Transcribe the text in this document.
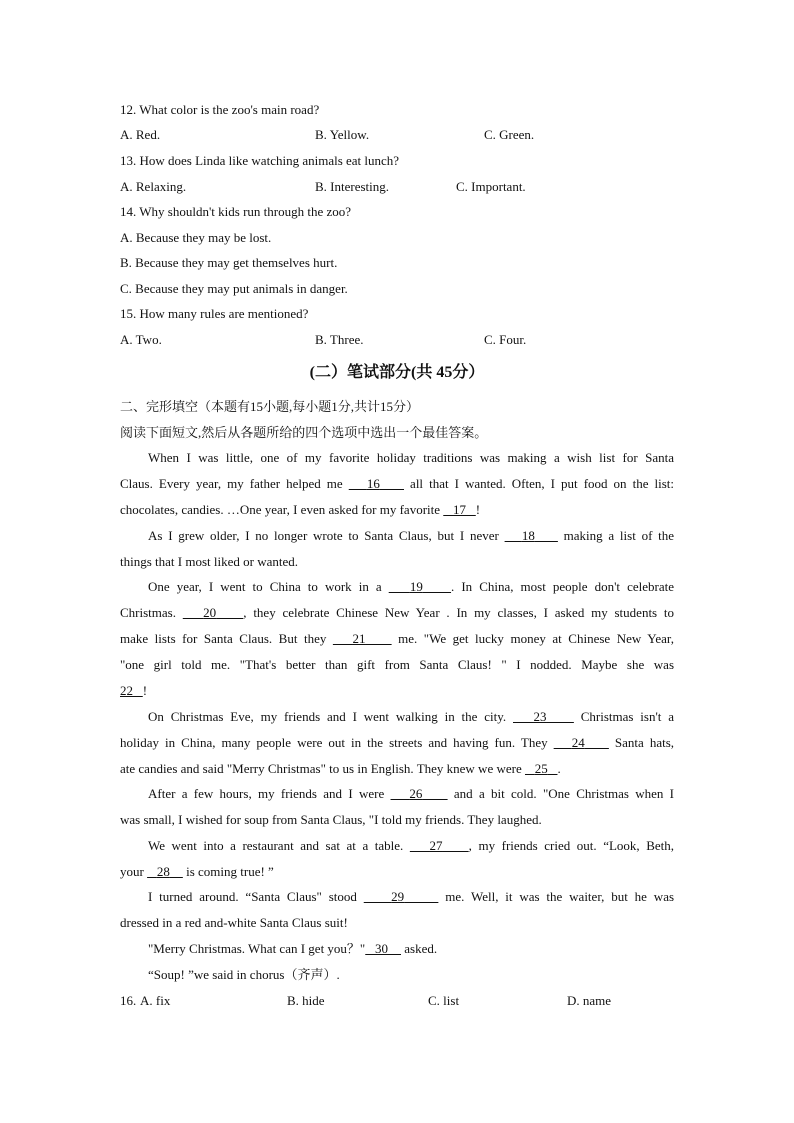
12. What color is the zoo's main road?
A. Red.	B. Yellow.	C. Green.
13. How does Linda like watching animals eat lunch?
A. Relaxing.	B. Interesting.	C. Important.
14. Why shouldn't kids run through the zoo?
A. Because they may be lost.
B. Because they may get themselves hurt.
C. Because they may put animals in danger.
15. How many rules are mentioned?
A. Two.	B. Three.	C. Four.
(二）笔试部分(共 45分）
二、完形填空（本题有15小题,每小题1分,共计15分）
阅读下面短文,然后从各题所给的四个选项中选出一个最佳答案。
When I was little, one of my favorite holiday traditions was making a wish list for Santa
Claus. Every year, my father helped me 16 all that I wanted. Often, I put food on the list:
chocolates, candies. …One year, I even asked for my favorite 17 !
As I grew older, I no longer wrote to Santa Claus, but I never 18 making a list of the
things that I most liked or wanted.
One year, I went to China to work in a 19 . In China, most people don't celebrate
Christmas. 20 , they celebrate Chinese New Year . In my classes, I asked my students to
make lists for Santa Claus. But they 21	me. "We get lucky money at Chinese New Year,
"one girl told me. "That's better than gift from Santa Claus! " I nodded. Maybe she was
22 !
On Christmas Eve, my friends and I went walking in the city. 23	Christmas isn't a
holiday in China, many people were out in the streets and having fun. They 24 Santa hats,
ate candies and said "Merry Christmas" to us in English. They knew we were 25 .
After a few hours, my friends and I were 26 and a bit cold. "One Christmas when I
was small, I wished for soup from Santa Claus, "I told my friends. They laughed.
We went into a restaurant and sat at a table. 27 , my friends cried out. “Look, Beth,
your 28 is coming true! ”
I turned around. “Santa Claus" stood	29	me. Well, it was the waiter, but he was
dressed in a red and-white Santa Claus suit!
"Merry Christmas. What can I get you？" 30 asked.
“Soup! ”we said in chorus（齐声）.
16. A. fix	B. hide	C. list	D. name
